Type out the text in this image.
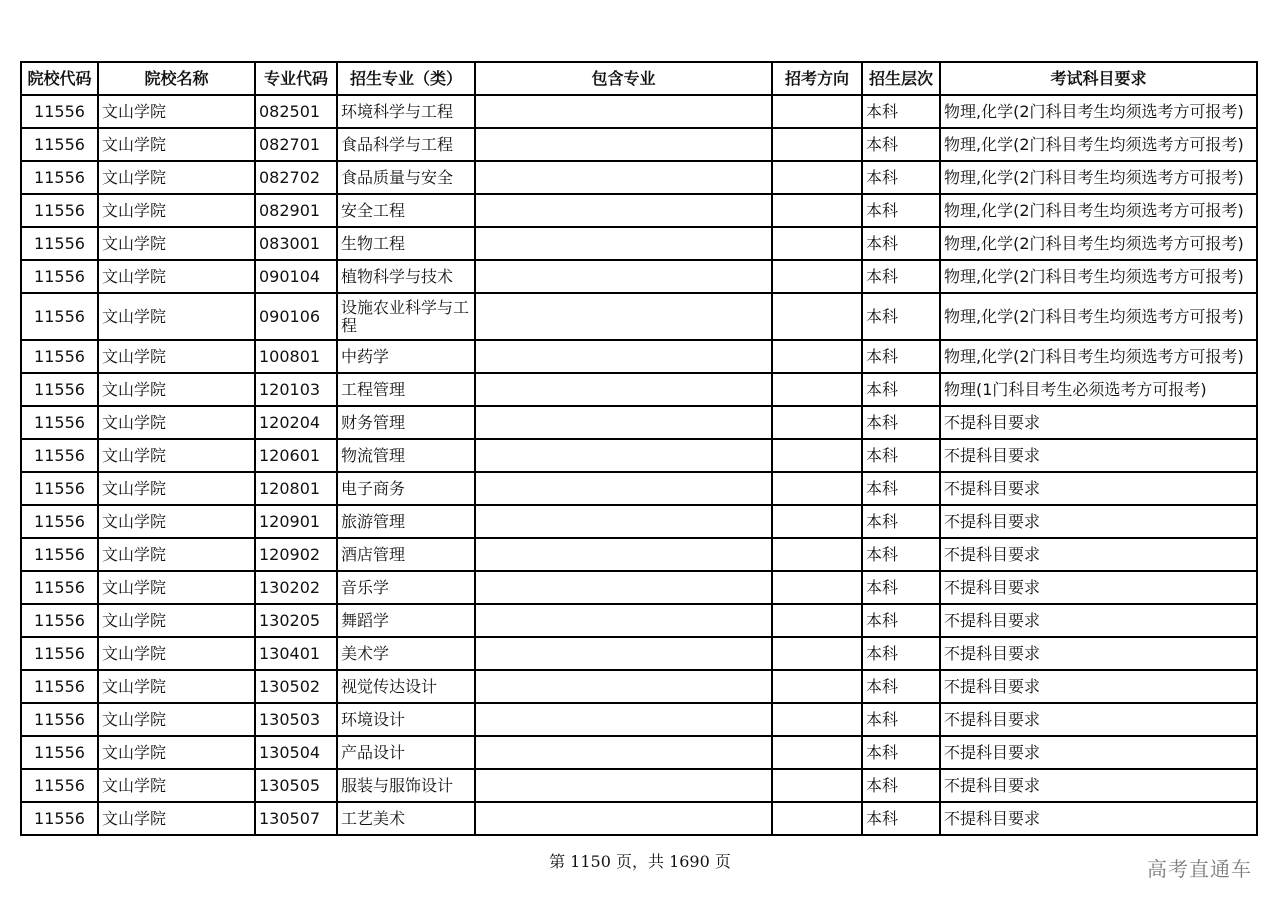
院校代码	院校名称	专业代码	招生专业（类）	包含专业	招考方向	招生层次	考试科目要求
11556	文山学院	082501	环境科学与工程			本科	物理,化学(2门科目考生均须选考方可报考)
11556	文山学院	082701	食品科学与工程			本科	物理,化学(2门科目考生均须选考方可报考)
11556	文山学院	082702	食品质量与安全			本科	物理,化学(2门科目考生均须选考方可报考)
11556	文山学院	082901	安全工程			本科	物理,化学(2门科目考生均须选考方可报考)
11556	文山学院	083001	生物工程			本科	物理,化学(2门科目考生均须选考方可报考)
11556	文山学院	090104	植物科学与技术			本科	物理,化学(2门科目考生均须选考方可报考)
11556	文山学院	090106	设施农业科学与工程			本科	物理,化学(2门科目考生均须选考方可报考)
11556	文山学院	100801	中药学			本科	物理,化学(2门科目考生均须选考方可报考)
11556	文山学院	120103	工程管理			本科	物理(1门科目考生必须选考方可报考)
11556	文山学院	120204	财务管理			本科	不提科目要求
11556	文山学院	120601	物流管理			本科	不提科目要求
11556	文山学院	120801	电子商务			本科	不提科目要求
11556	文山学院	120901	旅游管理			本科	不提科目要求
11556	文山学院	120902	酒店管理			本科	不提科目要求
11556	文山学院	130202	音乐学			本科	不提科目要求
11556	文山学院	130205	舞蹈学			本科	不提科目要求
11556	文山学院	130401	美术学			本科	不提科目要求
11556	文山学院	130502	视觉传达设计			本科	不提科目要求
11556	文山学院	130503	环境设计			本科	不提科目要求
11556	文山学院	130504	产品设计			本科	不提科目要求
11556	文山学院	130505	服装与服饰设计			本科	不提科目要求
11556	文山学院	130507	工艺美术			本科	不提科目要求
第 1150 页，共 1690 页	高考直通车
